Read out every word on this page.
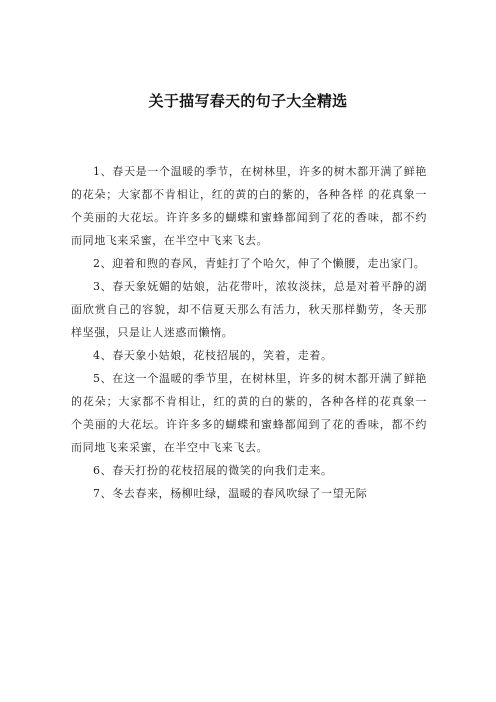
关于描写春天的句子大全精选

1、春天是一个温暖的季节，在树林里，许多的树木都开满了鲜艳的花朵；大家都不肯相让，红的黄的白的紫的，各种各样 的花真象一个美丽的大花坛。许许多多的蝴蝶和蜜蜂都闻到了花的香味，都不约而同地飞来采蜜，在半空中飞来飞去。

2、迎着和煦的春风，青蛙打了个哈欠，伸了个懒腰，走出家门。

3、春天象妩媚的姑娘，沾花带叶，浓妆淡抹，总是对着平静的湖面欣赏自己的容貌，却不信夏天那么有活力，秋天那样勤劳，冬天那样坚强，只是让人迷惑而懒惰。

4、春天象小姑娘，花枝招展的，笑着，走着。

5、在这一个温暖的季节里，在树林里，许多的树木都开满了鲜艳的花朵；大家都不肯相让，红的黄的白的紫的，各种各样的花真象一个美丽的大花坛。许许多多的蝴蝶和蜜蜂都闻到了花的香味，都不约而同地飞来采蜜，在半空中飞来飞去。

6、春天打扮的花枝招展的微笑的向我们走来。

7、冬去春来，杨柳吐绿，温暖的春风吹绿了一望无际
